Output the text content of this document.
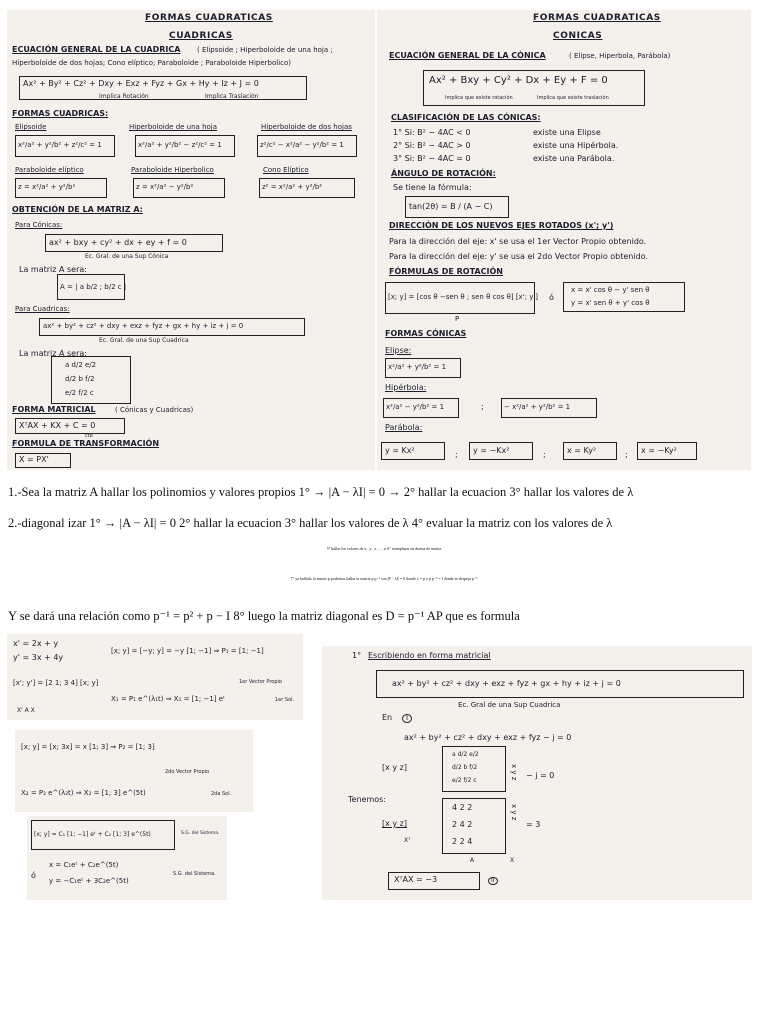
FORMAS CUADRATICAS
CUADRICAS
ECUACIÓN GENERAL DE LA CUADRICA ( Elipsoide ; Hiperboloide de una hoja ;
Hiperboloide de dos hojas; Cono elíptico; Paraboloide ; Paraboloide Hiperbolico)
Ax² + By² + Cz² + Dxy + Exz + Fyz + Gx + Hy + Iz + J = 0
Implica Rotación	Implica Traslación
FORMAS CUADRICAS:
Elipsoide
x²/a² + y²/b² + z²/c² = 1
Hiperboloide de una hoja
x²/a² + y²/b² − z²/c² = 1
Hiperboloide de dos hojas
z²/c² − x²/a² − y²/b² = 1
Paraboloide elíptico
z = x²/a² + y²/b²
Paraboloide Hiperbolico
z = x²/a² − y²/b²
Cono Elíptico
z² = x²/a² + y²/b²
OBTENCIÓN DE LA MATRIZ A:
Para Cónicas:
ax² + bxy + cy² + dx + ey + f = 0
Ec. Gral. de una Sup Cónica
La matriz A sera:
A = | a b/2 ; b/2 c |
Para Cuadricas:
ax² + by² + cz² + dxy + exz + fyz + gx + hy + iz + j = 0
Ec. Gral. de una Sup Cuadrica
La matriz A sera:
a d/2 e/2
d/2 b f/2
e/2 f/2 c
FORMA MATRICIAL	( Cónicas y Cuadricas)
XᵀAX + KX + C = 0
cte
FORMULA DE TRANSFORMACIÓN
X = PX'
FORMAS CUADRATICAS
CONICAS
ECUACIÓN GENERAL DE LA CÓNICA	( Elipse, Hiperbola, Parábola)
Ax² + Bxy + Cy² + Dx + Ey + F = 0
Implica que existe rotación	Implica que existe traslación
CLASIFICACIÓN DE LAS CÓNICAS:
1° Si: B² − 4AC < 0	existe una Elipse
2° Si: B² − 4AC > 0	existe una Hipérbola.
3° Si: B² − 4AC = 0	existe una Parábola.
ÁNGULO DE ROTACIÓN:
Se tiene la fórmula:
tan(2θ) = B / (A − C)
DIRECCIÓN DE LOS NUEVOS EJES ROTADOS (x'; y')
Para la dirección del eje: x' se usa el 1er Vector Propio obtenido.
Para la dirección del eje: y' se usa el 2do Vector Propio obtenido.
FÓRMULAS DE ROTACIÓN
[x; y] = [cos θ −sen θ ; sen θ cos θ] [x'; y']
P
ó
x = x' cos θ − y' sen θ
y = x' sen θ + y' cos θ
FORMAS CÓNICAS
Elipse:
x²/a² + y²/b² = 1
Hipérbola:
x²/a² − y²/b² = 1	;	− x²/a² + y²/b² = 1
Parábola:
y = Kx²	; y = −Kx²	;	x = Ky²	; x = −Ky²
1.-Sea la matriz A hallar los polinomios y valores propios 1° → |A − λI| = 0 → 2° hallar la ecuacion 3° hallar los valores de λ
2.-diagonal izar 1° → |A − λI| = 0 2° hallar la ecuacion 3° hallar los valores de λ 4° evaluar la matriz con los valores de λ
5° hallar los valores de x , y , z , … n 6° reamplasar en dorma de matriz
7° ya hallado la matriz p podemos hallar la matriz p p⁻¹ con |P − λI| = 0 donde λ = p y p p⁻¹ = I donde se despeja p⁻¹
Y se dará una relación como p⁻¹ = p² + p − I 8° luego la matriz diagonal es D = p⁻¹ AP que es formula
x' = 2x + y
y' = 3x + 4y
[x'; y'] = [2 1; 3 4] [x; y]
X' A X
[x; y] = [−y; y] = −y [1; −1] ⇒ P₁ = [1; −1]
1er Vector Propio
X₁ = P₁ e^(λ₁t) ⇒ X₁ = [1; −1] eᵗ	1er Sol.
[x; y] = [x; 3x] = x [1; 3] ⇒ P₂ = [1; 3]
2do Vector Propio
X₂ = P₂ e^(λ₂t) ⇒ X₂ = [1; 3] e^(5t)	2da Sol.
[x; y] = C₁ [1; −1] eᵗ + C₂ [1; 3] e^(5t)	S.G. del Sistema.
ó
x = C₁eᵗ + C₂e^(5t)
y = −C₁eᵗ + 3C₂e^(5t)
S.G. del Sistema.
1° Escribiendo en forma matricial
ax² + by² + cz² + dxy + exz + fyz + gx + hy + iz + j = 0
Ec. Gral de una Sup Cuadrica
En	I
ax² + by² + cz² + dxy + exz + fyz − j = 0
[x y z]
a d/2 e/2
d/2 b f/2
e/2 f/2 c
x y z − j = 0
Tenemos:
[x y z]
Xᵀ
4 2 2
2 4 2
2 2 4
x y z
= 3
A	X
XᵀAX = −3	II
